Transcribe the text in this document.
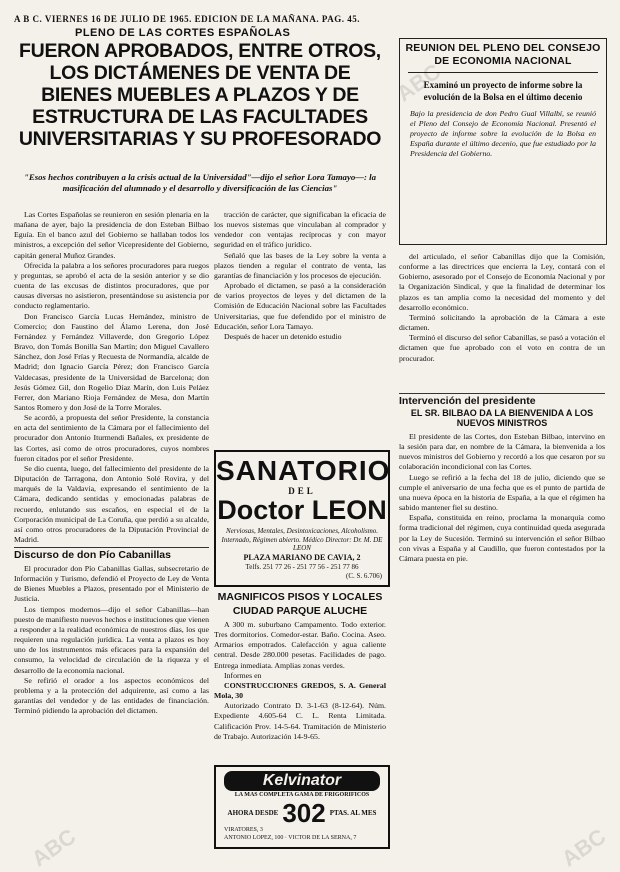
A B C. VIERNES 16 DE JULIO DE 1965. EDICION DE LA MAÑANA. PAG. 45.
PLENO DE LAS CORTES ESPAÑOLAS
FUERON APROBADOS, ENTRE OTROS, LOS DICTÁMENES DE VENTA DE BIENES MUEBLES A PLAZOS Y DE ESTRUCTURA DE LAS FACULTADES UNIVERSITARIAS Y SU PROFESORADO
"Esos hechos contribuyen a la crisis actual de la Universidad"—dijo el señor Lora Tamayo—: la masificación del alumnado y el desarrollo y diversificación de las Ciencias"
REUNION DEL PLENO DEL CONSEJO DE ECONOMIA NACIONAL
Examinó un proyecto de informe sobre la evolución de la Bolsa en el último decenio
Bajo la presidencia de don Pedro Gual Villalbí, se reunió el Pleno del Consejo de Economía Nacional. Presentó el proyecto de informe sobre la evolución de la Bolsa en España durante el último decenio, que fue estudiado por la Presidencia del Gobierno.

Las Cortes Españolas se reunieron en sesión plenaria en la mañana de ayer, bajo la presidencia de don Esteban Bilbao Eguía. En el banco azul del Gobierno se hallaban todos los ministros, a excepción del señor Vicepresidente del Gobierno, capitán general Muñoz Grandes.

Ofrecida la palabra a los señores procuradores para ruegos y preguntas, se aprobó el acta de la sesión anterior y se dio cuenta de las excusas de distintos procuradores, que por causas diversas no asistieron, presentándose su asistencia por conducto reglamentario.

Don Francisco García Lucas Hernández, ministro de Comercio; don Faustino del Álamo Lerena, don José Fernández y Fernández Villaverde, don Gregorio López Bravo, don Tomás Bonilla San Martín; don Miguel Cavallero Sánchez, don José Frías y Recuesta de Normandía, alcalde de Madrid; don Ignacio García Pérez; don Francisco García Valdecasas, presidente de la Universidad de Barcelona; don Jesús Gómez Gil, don Rogelio Díaz Marín, don Luis Peláez Ferrer, don Mariano Rioja Fernández de Mesa, don Martín Santos Romero y don José de la Torre Morales.

Se acordó, a propuesta del señor Presidente, la constancia en acta del sentimiento de la Cámara por el fallecimiento del procurador don Antonio Iturmendi Bañales, ex presidente de las Cortes, así como de otros procuradores, cuyos nombres fueron citados por el señor Presidente.

Se dio cuenta, luego, del fallecimiento del presidente de la Diputación de Tarragona, don Antonio Solé Rovira, y del marqués de la Valdavia, expresando el sentimiento de la Cámara, dedicando sentidas y emocionadas palabras de recuerdo, enlutando sus escaños, en especial el de la Corporación municipal de La Coruña, que perdió a su alcalde, así como otros procuradores de la Diputación Provincial de Madrid.

Discurso de don Pío Cabanillas

El procurador don Pío Cabanillas Gallas, subsecretario de Información y Turismo, defendió el Proyecto de Ley de Venta de Bienes Muebles a Plazos, presentado por el Ministerio de Justicia.

Los tiempos modernos—dijo el señor Cabanillas—han puesto de manifiesto nuevos hechos e instituciones que vienen a responder a la realidad económica de nuestros días, los que requieren una regulación jurídica. La venta a plazos es hoy uno de los instrumentos más eficaces para la expansión del consumo, la velocidad de circulación de la riqueza y el desarrollo de la economía nacional.

Se refirió el orador a los aspectos económicos del problema y a la protección del adquirente, así como a las garantías del vendedor y de las entidades de financiación. Terminó pidiendo la aprobación del dictamen.

tracción de carácter, que significaban la eficacia de los nuevos sistemas que vinculaban al comprador y vendedor con ventajas recíprocas y con mayor seguridad en el tráfico jurídico.

Señaló que las bases de la Ley sobre la venta a plazos tienden a regular el contrato de venta, las garantías de financiación y los procesos de ejecución.

Aprobado el dictamen, se pasó a la consideración de varios proyectos de leyes y del dictamen de la Comisión de Educación Nacional sobre las Facultades Universitarias, que fue defendido por el ministro de Educación, señor Lora Tamayo.

Después de hacer un detenido estudio

SANATORIO
DEL
Doctor LEON
Nerviosas, Mentales, Desintoxicaciones, Alcoholismo. Internado, Régimen abierto. Médico Director: Dr. M. DE LEON
PLAZA MARIANO DE CAVIA, 2
Telfs. 251 77 26 - 251 77 56 - 251 77 86
(C. S. 6.706)
MAGNIFICOS PISOS Y LOCALES
CIUDAD PARQUE ALUCHE

A 300 m. suburbano Campamento. Todo exterior. Tres dormitorios. Comedor-estar. Baño. Cocina. Aseo. Armarios empotrados. Calefacción y agua caliente central. Desde 280.000 pesetas. Facilidades de pago. Entrega inmediata. Amplias zonas verdes.

Informes en

CONSTRUCCIONES GREDOS, S. A. General Mola, 30

Autorizado Contrato D. 3-1-63 (8-12-64). Núm. Expediente 4.605-64 C. L. Renta Limitada. Calificación Prov. 14-5-64. Tramitación de Ministerio de Trabajo. Autorización 14-9-65.

Kelvinator
LA MAS COMPLETA GAMA DE FRIGORIFICOS
AHORA DESDE 302 PTAS. AL MES
VIRATORES, 3
ANTONIO LOPEZ, 100 · VICTOR DE LA SERNA, 7

del articulado, el señor Cabanillas dijo que la Comisión, conforme a las directrices que encierra la Ley, contará con el Gobierno, asesorado por el Consejo de Economía Nacional y por la Organización Sindical, y que la finalidad de determinar los plazos es tan amplia como la necesidad del momento y del desarrollo económico.

Terminó solicitando la aprobación de la Cámara a este dictamen.

Terminó el discurso del señor Cabanillas, se pasó a votación el dictamen que fue aprobado con el voto en contra de un procurador.

Intervención del presidente
EL SR. BILBAO DA LA BIENVENIDA A LOS NUEVOS MINISTROS

El presidente de las Cortes, don Esteban Bilbao, intervino en la sesión para dar, en nombre de la Cámara, la bienvenida a los nuevos ministros del Gobierno y recordó a los que cesaron por su colaboración incondicional con las Cortes.

Luego se refirió a la fecha del 18 de julio, diciendo que se cumple el aniversario de una fecha que es el punto de partida de una nueva época en la historia de España, a la que el régimen ha sabido mantener fiel su destino.

España, constituida en reino, proclama la monarquía como forma tradicional del régimen, cuya continuidad queda asegurada por la Ley de Sucesión. Terminó su intervención el señor Bilbao con vivas a España y al Caudillo, que fueron contestados por la Cámara puesta en pie.

ABC
ABC
ABC
